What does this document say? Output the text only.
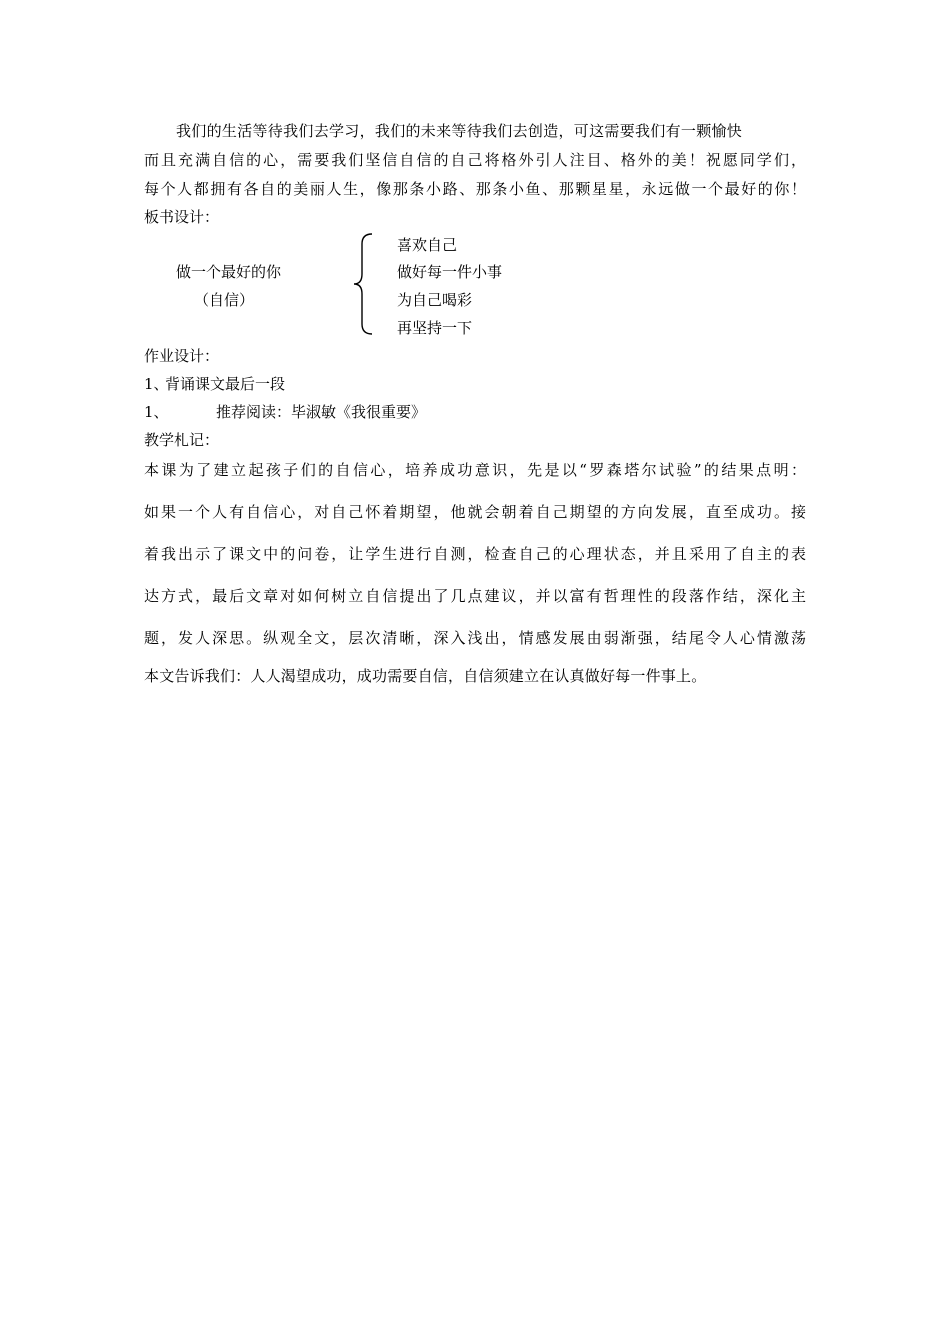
我们的生活等待我们去学习，我们的未来等待我们去创造，可这需要我们有一颗愉快
而且充满自信的心，需要我们坚信自信的自己将格外引人注目、格外的美！祝愿同学们，
每个人都拥有各自的美丽人生，像那条小路、那条小鱼、那颗星星，永远做一个最好的你！
板书设计：
做一个最好的你
（自信）
喜欢自己
做好每一件小事
为自己喝彩
再坚持一下
作业设计：
1、
背诵课文最后一段
1、	推荐阅读：毕淑敏《我很重要》
教学札记：
本课为了建立起孩子们的自信心，培养成功意识，先是以“罗森塔尔试验”的结果点明：
如果一个人有自信心，对自己怀着期望，他就会朝着自己期望的方向发展，直至成功。接
着我出示了课文中的问卷，让学生进行自测，检查自己的心理状态，并且采用了自主的表
达方式，最后文章对如何树立自信提出了几点建议，并以富有哲理性的段落作结，深化主
题，发人深思。纵观全文，层次清晰，深入浅出，情感发展由弱渐强，结尾令人心情激荡
本文告诉我们：人人渴望成功，成功需要自信，自信须建立在认真做好每一件事上。
